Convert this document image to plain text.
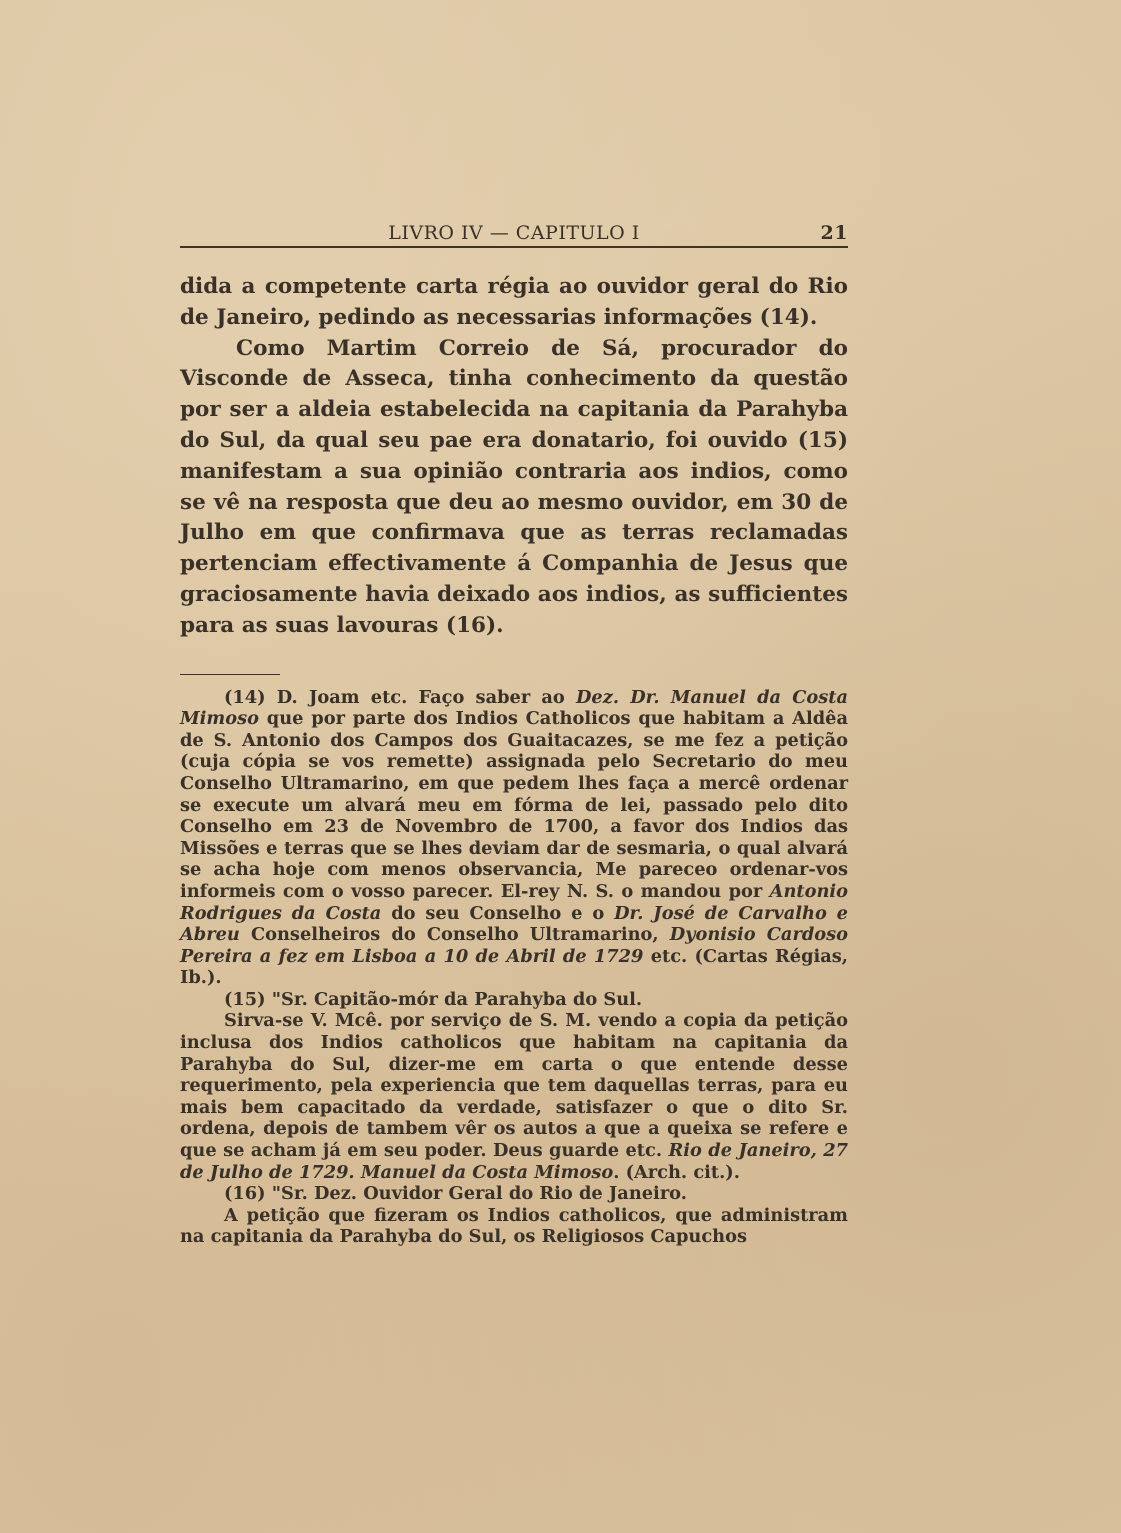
LIVRO IV — CAPITULO I	21

dida a competente carta régia ao ouvidor geral do Rio de Janeiro, pedindo as necessarias informações (14).

Como Martim Correio de Sá, procurador do Visconde de Asseca, tinha conhecimento da questão por ser a aldeia estabelecida na capitania da Parahyba do Sul, da qual seu pae era donatario, foi ouvido (15) manifestam a sua opinião contraria aos indios, como se vê na resposta que deu ao mesmo ouvidor, em 30 de Julho em que confirmava que as terras reclamadas pertenciam effectivamente á Companhia de Jesus que graciosamente havia deixado aos indios, as sufficientes para as suas lavouras (16).

(14) D. Joam etc. Faço saber ao Dez. Dr. Manuel da Costa Mimoso que por parte dos Indios Catholicos que habitam a Aldêa de S. Antonio dos Campos dos Guaitacazes, se me fez a petição (cuja cópia se vos remette) assignada pelo Secretario do meu Conselho Ultramarino, em que pedem lhes faça a mercê ordenar se execute um alvará meu em fórma de lei, passado pelo dito Conselho em 23 de Novembro de 1700, a favor dos Indios das Missões e terras que se lhes deviam dar de sesmaria, o qual alvará se acha hoje com menos observancia, Me pareceo ordenar-vos informeis com o vosso parecer. El-rey N. S. o mandou por Antonio Rodrigues da Costa do seu Conselho e o Dr. José de Carvalho e Abreu Conselheiros do Conselho Ultramarino, Dyonisio Cardoso Pereira a fez em Lisboa a 10 de Abril de 1729 etc. (Cartas Régias, Ib.).

(15) "Sr. Capitão-mór da Parahyba do Sul.

Sirva-se V. Mcê. por serviço de S. M. vendo a copia da petição inclusa dos Indios catholicos que habitam na capitania da Parahyba do Sul, dizer-me em carta o que entende desse requerimento, pela experiencia que tem daquellas terras, para eu mais bem capacitado da verdade, satisfazer o que o dito Sr. ordena, depois de tambem vêr os autos a que a queixa se refere e que se acham já em seu poder. Deus guarde etc. Rio de Janeiro, 27 de Julho de 1729. Manuel da Costa Mimoso. (Arch. cit.).

(16) "Sr. Dez. Ouvidor Geral do Rio de Janeiro.

A petição que fizeram os Indios catholicos, que administram na capitania da Parahyba do Sul, os Religiosos Capuchos
